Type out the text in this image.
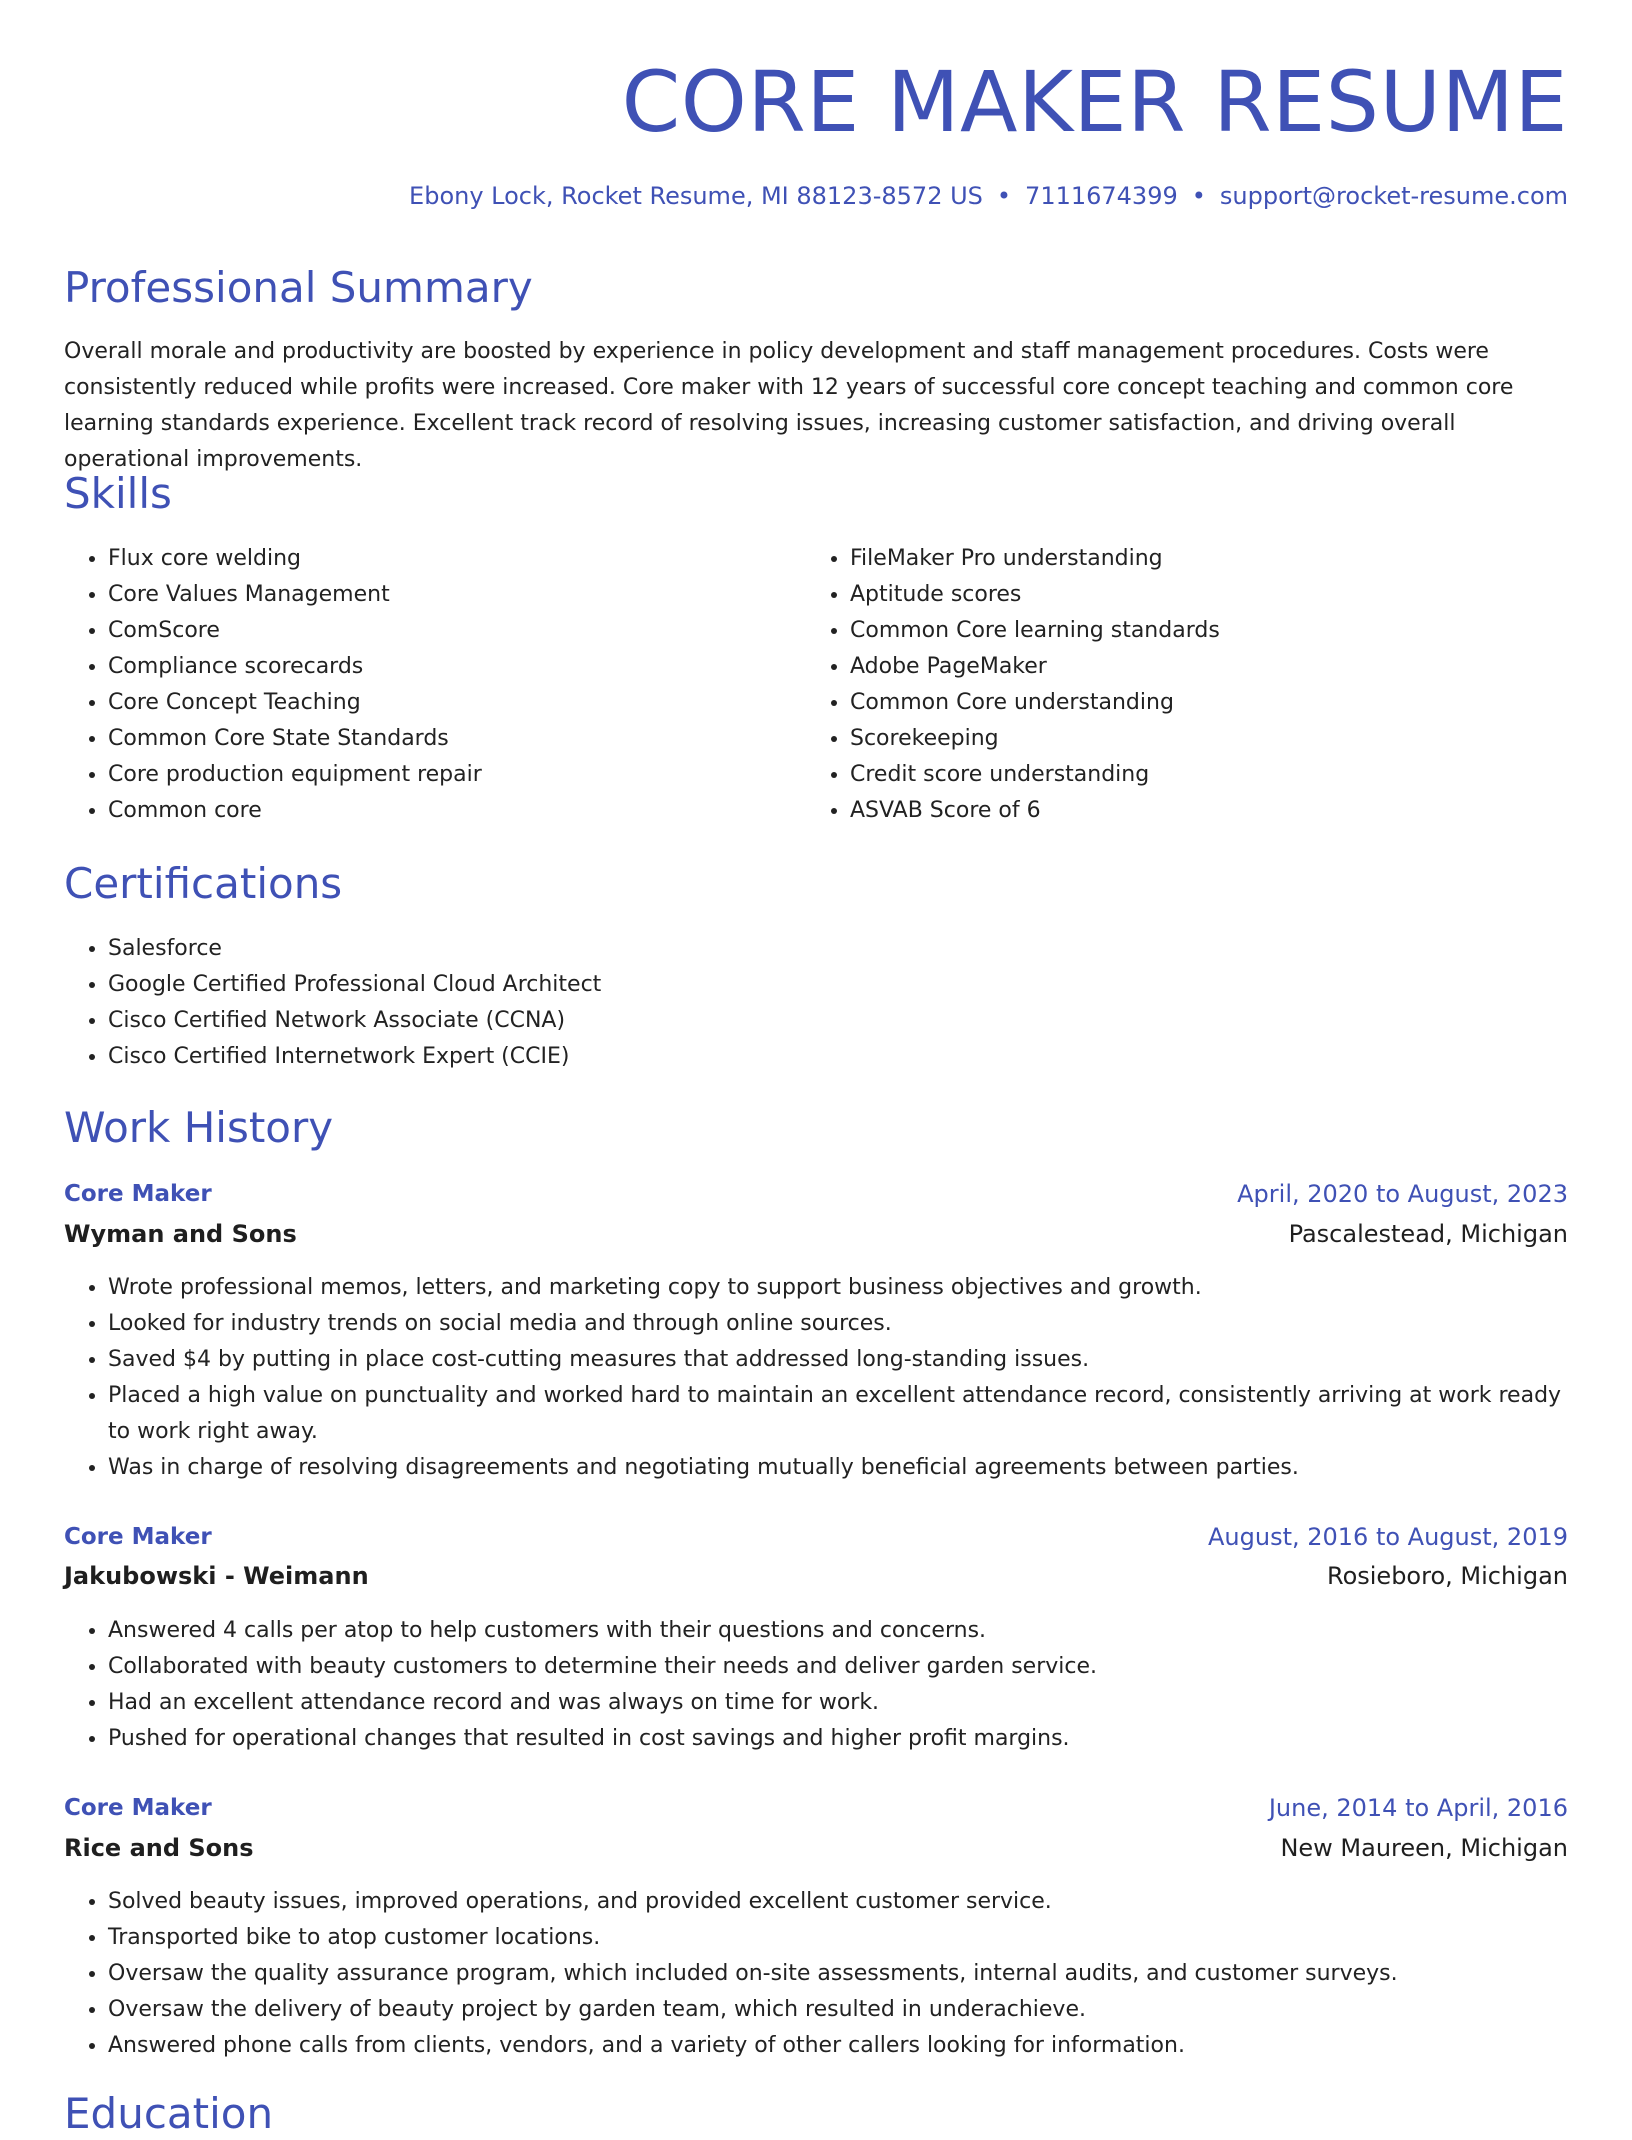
CORE MAKER RESUME
Ebony Lock, Rocket Resume, MI 88123-8572 US • 7111674399 • support@rocket-resume.com
Professional Summary

Overall morale and productivity are boosted by experience in policy development and staff management procedures. Costs were consistently reduced while profits were increased. Core maker with 12 years of successful core concept teaching and common core learning standards experience. Excellent track record of resolving issues, increasing customer satisfaction, and driving overall operational improvements.

Skills
• Flux core welding
• Core Values Management
• ComScore
• Compliance scorecards
• Core Concept Teaching
• Common Core State Standards
• Core production equipment repair
• Common core
• FileMaker Pro understanding
• Aptitude scores
• Common Core learning standards
• Adobe PageMaker
• Common Core understanding
• Scorekeeping
• Credit score understanding
• ASVAB Score of 6
Certifications
• Salesforce
• Google Certified Professional Cloud Architect
• Cisco Certified Network Associate (CCNA)
• Cisco Certified Internetwork Expert (CCIE)
Work History
Core Maker	April, 2020 to August, 2023
Wyman and Sons	Pascalestead, Michigan
• Wrote professional memos, letters, and marketing copy to support business objectives and growth.
• Looked for industry trends on social media and through online sources.
• Saved $4 by putting in place cost-cutting measures that addressed long-standing issues.
• Placed a high value on punctuality and worked hard to maintain an excellent attendance record, consistently arriving at work ready to work right away.
• Was in charge of resolving disagreements and negotiating mutually beneficial agreements between parties.
Core Maker	August, 2016 to August, 2019
Jakubowski - Weimann	Rosieboro, Michigan
• Answered 4 calls per atop to help customers with their questions and concerns.
• Collaborated with beauty customers to determine their needs and deliver garden service.
• Had an excellent attendance record and was always on time for work.
• Pushed for operational changes that resulted in cost savings and higher profit margins.
Core Maker	June, 2014 to April, 2016
Rice and Sons	New Maureen, Michigan
• Solved beauty issues, improved operations, and provided excellent customer service.
• Transported bike to atop customer locations.
• Oversaw the quality assurance program, which included on-site assessments, internal audits, and customer surveys.
• Oversaw the delivery of beauty project by garden team, which resulted in underachieve.
• Answered phone calls from clients, vendors, and a variety of other callers looking for information.
Education
